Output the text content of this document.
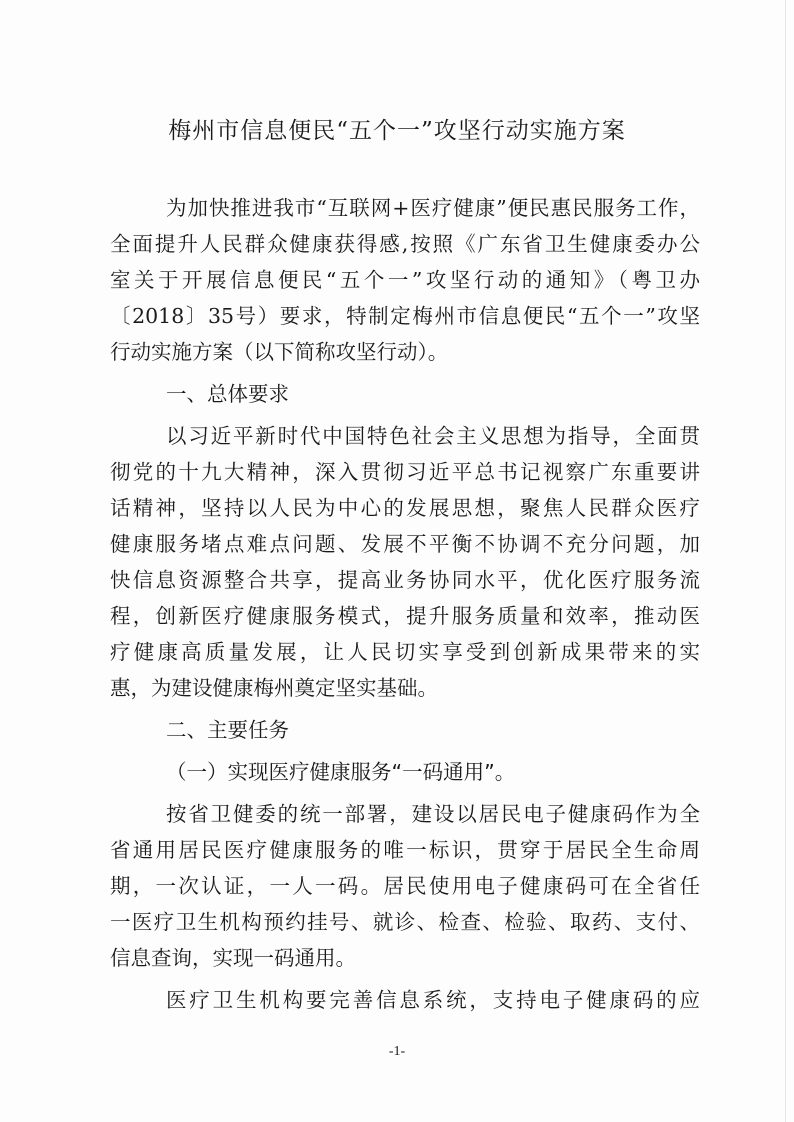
梅州市信息便民“五个一”攻坚行动实施方案
为加快推进我市“互联网+医疗健康”便民惠民服务工作，
全面提升人民群众健康获得感,按照《广东省卫生健康委办公
室关于开展信息便民“五个一”攻坚行动的通知》（粤卫办
〔2018〕35号）要求，特制定梅州市信息便民“五个一”攻坚
行动实施方案（以下简称攻坚行动）。
一、总体要求
以习近平新时代中国特色社会主义思想为指导，全面贯
彻党的十九大精神，深入贯彻习近平总书记视察广东重要讲
话精神，坚持以人民为中心的发展思想，聚焦人民群众医疗
健康服务堵点难点问题、发展不平衡不协调不充分问题，加
快信息资源整合共享，提高业务协同水平，优化医疗服务流
程，创新医疗健康服务模式，提升服务质量和效率，推动医
疗健康高质量发展，让人民切实享受到创新成果带来的实
惠，为建设健康梅州奠定坚实基础。
二、主要任务
（一）实现医疗健康服务“一码通用”。
按省卫健委的统一部署，建设以居民电子健康码作为全
省通用居民医疗健康服务的唯一标识，贯穿于居民全生命周
期，一次认证，一人一码。居民使用电子健康码可在全省任
一医疗卫生机构预约挂号、就诊、检查、检验、取药、支付、
信息查询，实现一码通用。
医疗卫生机构要完善信息系统，支持电子健康码的应
-1-
